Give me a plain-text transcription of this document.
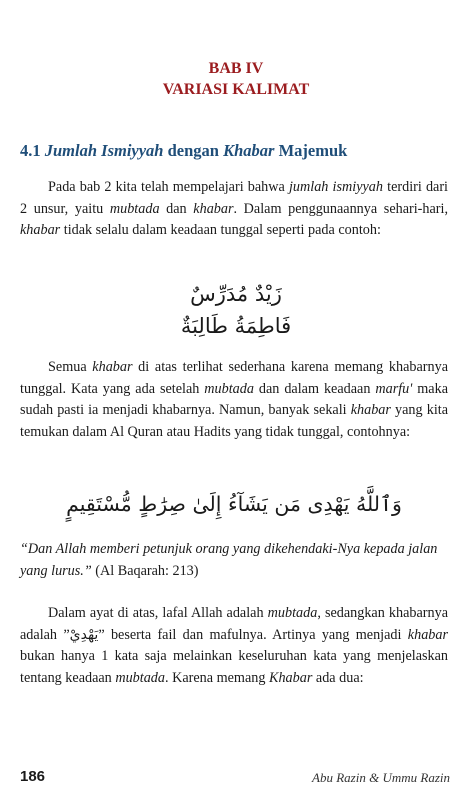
BAB IV
VARIASI KALIMAT
4.1 Jumlah Ismiyyah dengan Khabar Majemuk

Pada bab 2 kita telah mempelajari bahwa jumlah ismiyyah terdiri dari 2 unsur, yaitu mubtada dan khabar. Dalam penggunaannya sehari-hari, khabar tidak selalu dalam keadaan tunggal seperti pada contoh:

زَيْدٌ مُدَرِّسٌ
فَاطِمَةُ طَالِبَةٌ

Semua khabar di atas terlihat sederhana karena memang khabarnya tunggal. Kata yang ada setelah mubtada dan dalam keadaan marfu' maka sudah pasti ia menjadi khabarnya. Namun, banyak sekali khabar yang kita temukan dalam Al Quran atau Hadits yang tidak tunggal, contohnya:

وَٱللَّهُ يَهْدِى مَن يَشَآءُ إِلَىٰ صِرَٰطٍ مُّسْتَقِيمٍ

“Dan Allah memberi petunjuk orang yang dikehendaki-Nya kepada jalan yang lurus.” (Al Baqarah: 213)

Dalam ayat di atas, lafal Allah adalah mubtada, sedangkan khabarnya adalah ”يَهْدِيْ” beserta fail dan mafulnya. Artinya yang menjadi khabar bukan hanya 1 kata saja melainkan keseluruhan kata yang menjelaskan tentang keadaan mubtada. Karena memang Khabar ada dua:

186	Abu Razin & Ummu Razin
